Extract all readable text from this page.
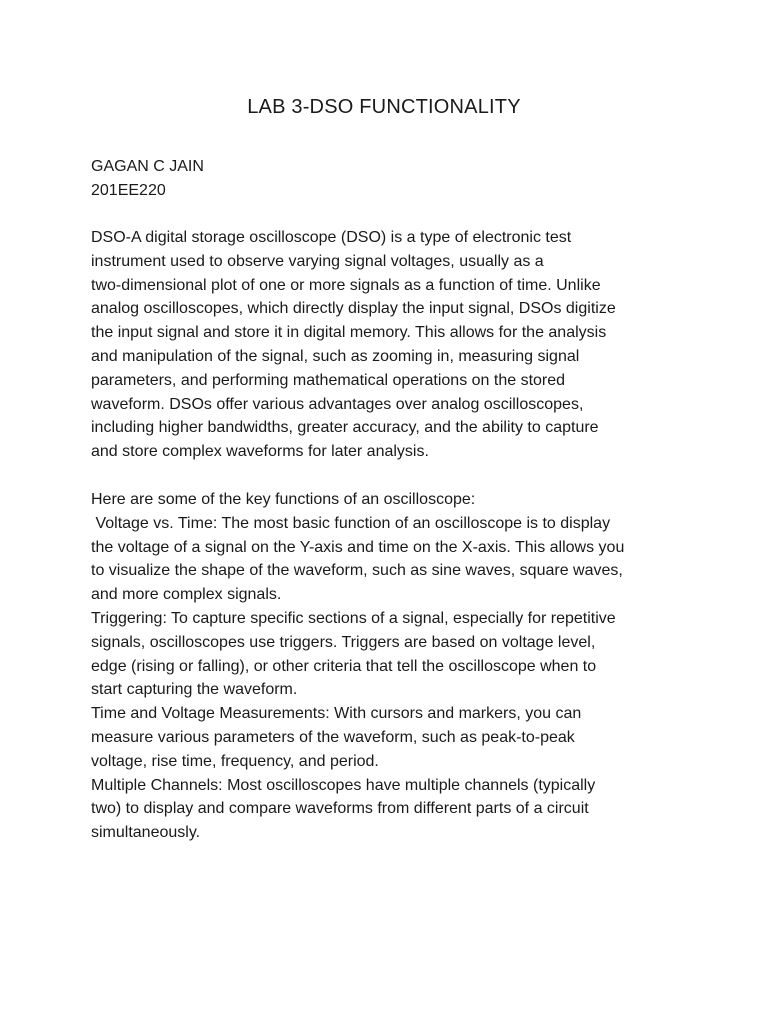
LAB 3-DSO FUNCTIONALITY
GAGAN C JAIN
201EE220
DSO-A digital storage oscilloscope (DSO) is a type of electronic test
instrument used to observe varying signal voltages, usually as a
two-dimensional plot of one or more signals as a function of time. Unlike
analog oscilloscopes, which directly display the input signal, DSOs digitize
the input signal and store it in digital memory. This allows for the analysis
and manipulation of the signal, such as zooming in, measuring signal
parameters, and performing mathematical operations on the stored
waveform. DSOs offer various advantages over analog oscilloscopes,
including higher bandwidths, greater accuracy, and the ability to capture
and store complex waveforms for later analysis.
Here are some of the key functions of an oscilloscope:
Voltage vs. Time: The most basic function of an oscilloscope is to display
the voltage of a signal on the Y-axis and time on the X-axis. This allows you
to visualize the shape of the waveform, such as sine waves, square waves,
and more complex signals.
Triggering: To capture specific sections of a signal, especially for repetitive
signals, oscilloscopes use triggers. Triggers are based on voltage level,
edge (rising or falling), or other criteria that tell the oscilloscope when to
start capturing the waveform.
Time and Voltage Measurements: With cursors and markers, you can
measure various parameters of the waveform, such as peak-to-peak
voltage, rise time, frequency, and period.
Multiple Channels: Most oscilloscopes have multiple channels (typically
two) to display and compare waveforms from different parts of a circuit
simultaneously.
